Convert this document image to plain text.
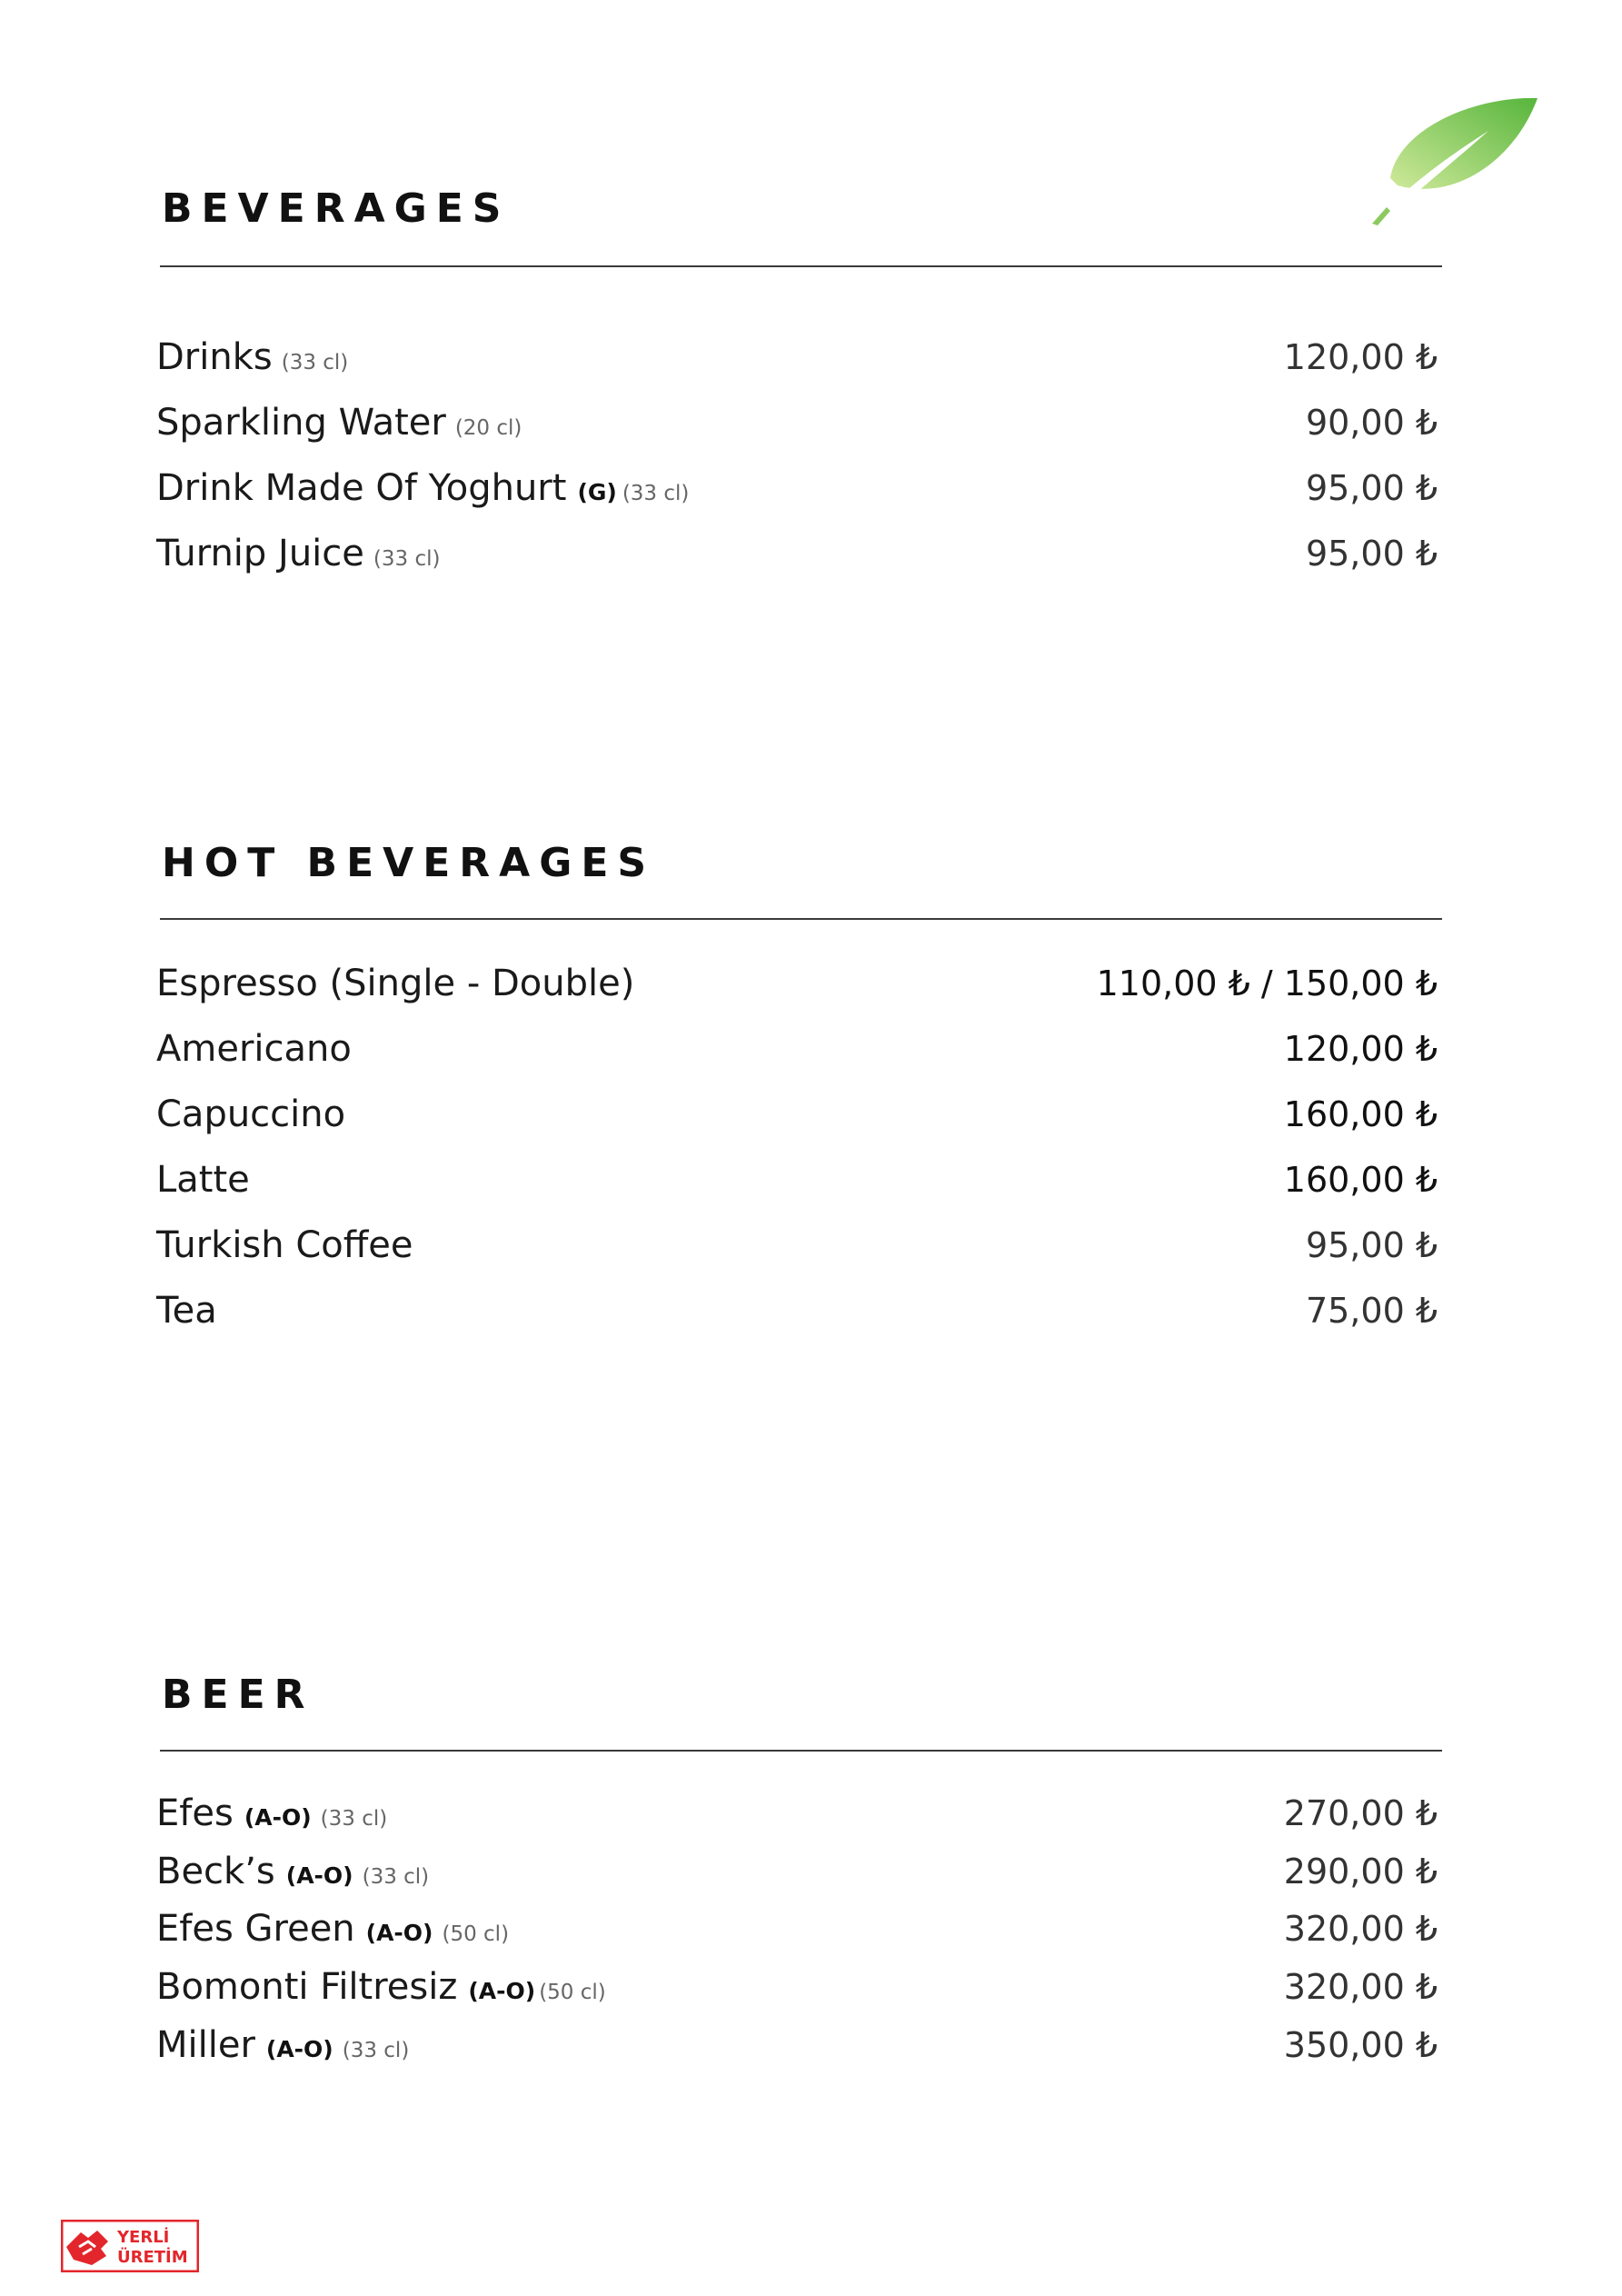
BEVERAGES
Drinks (33 cl)	120,00 ₺
Sparkling Water (20 cl)	90,00 ₺
Drink Made Of Yoghurt (G) (33 cl)	95,00 ₺
Turnip Juice (33 cl)	95,00 ₺
HOT BEVERAGES
Espresso (Single - Double)	110,00 ₺ / 150,00 ₺
Americano	120,00 ₺
Capuccino	160,00 ₺
Latte	160,00 ₺
Turkish Coffee	95,00 ₺
Tea	75,00 ₺
BEER
Efes (A-O) (33 cl)	270,00 ₺
Beck’s (A-O) (33 cl)	290,00 ₺
Efes Green (A-O) (50 cl)	320,00 ₺
Bomonti Filtresiz (A-O) (50 cl)	320,00 ₺
Miller (A-O) (33 cl)	350,00 ₺
YERLİ
ÜRETİM
